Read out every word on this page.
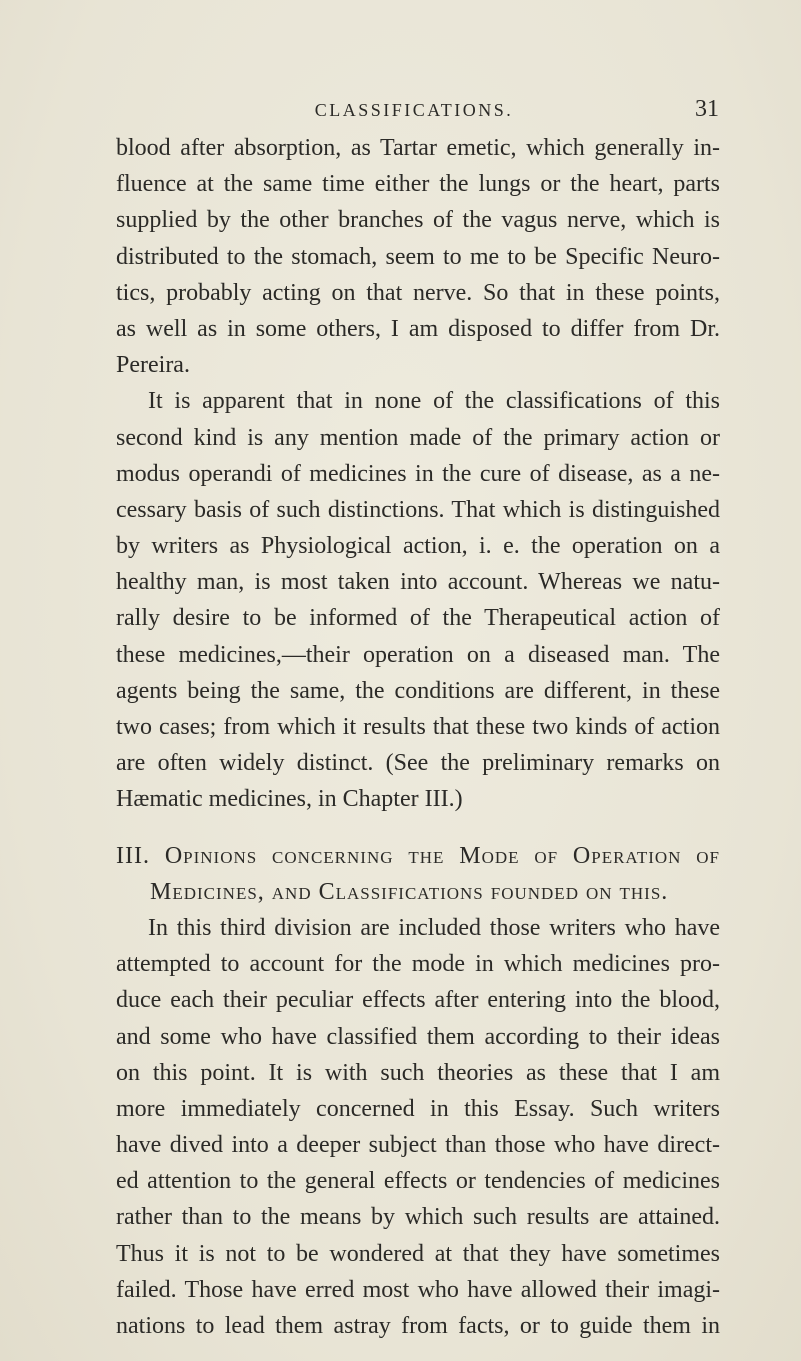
CLASSIFICATIONS.	31
blood after absorption, as Tartar emetic, which generally in-
fluence at the same time either the lungs or the heart, parts
supplied by the other branches of the vagus nerve, which is
distributed to the stomach, seem to me to be Specific Neuro-
tics, probably acting on that nerve. So that in these points,
as well as in some others, I am disposed to differ from Dr.
Pereira.
It is apparent that in none of the classifications of this
second kind is any mention made of the primary action or
modus operandi of medicines in the cure of disease, as a ne-
cessary basis of such distinctions. That which is distinguished
by writers as Physiological action, i. e. the operation on a
healthy man, is most taken into account. Whereas we natu-
rally desire to be informed of the Therapeutical action of
these medicines,—their operation on a diseased man. The
agents being the same, the conditions are different, in these
two cases; from which it results that these two kinds of action
are often widely distinct. (See the preliminary remarks on
Hæmatic medicines, in Chapter III.)
III. Opinions concerning the Mode of Operation of
Medicines, and Classifications founded on this.
In this third division are included those writers who have
attempted to account for the mode in which medicines pro-
duce each their peculiar effects after entering into the blood,
and some who have classified them according to their ideas
on this point. It is with such theories as these that I am
more immediately concerned in this Essay. Such writers
have dived into a deeper subject than those who have direct-
ed attention to the general effects or tendencies of medicines
rather than to the means by which such results are attained.
Thus it is not to be wondered at that they have sometimes
failed. Those have erred most who have allowed their imagi-
nations to lead them astray from facts, or to guide them in
